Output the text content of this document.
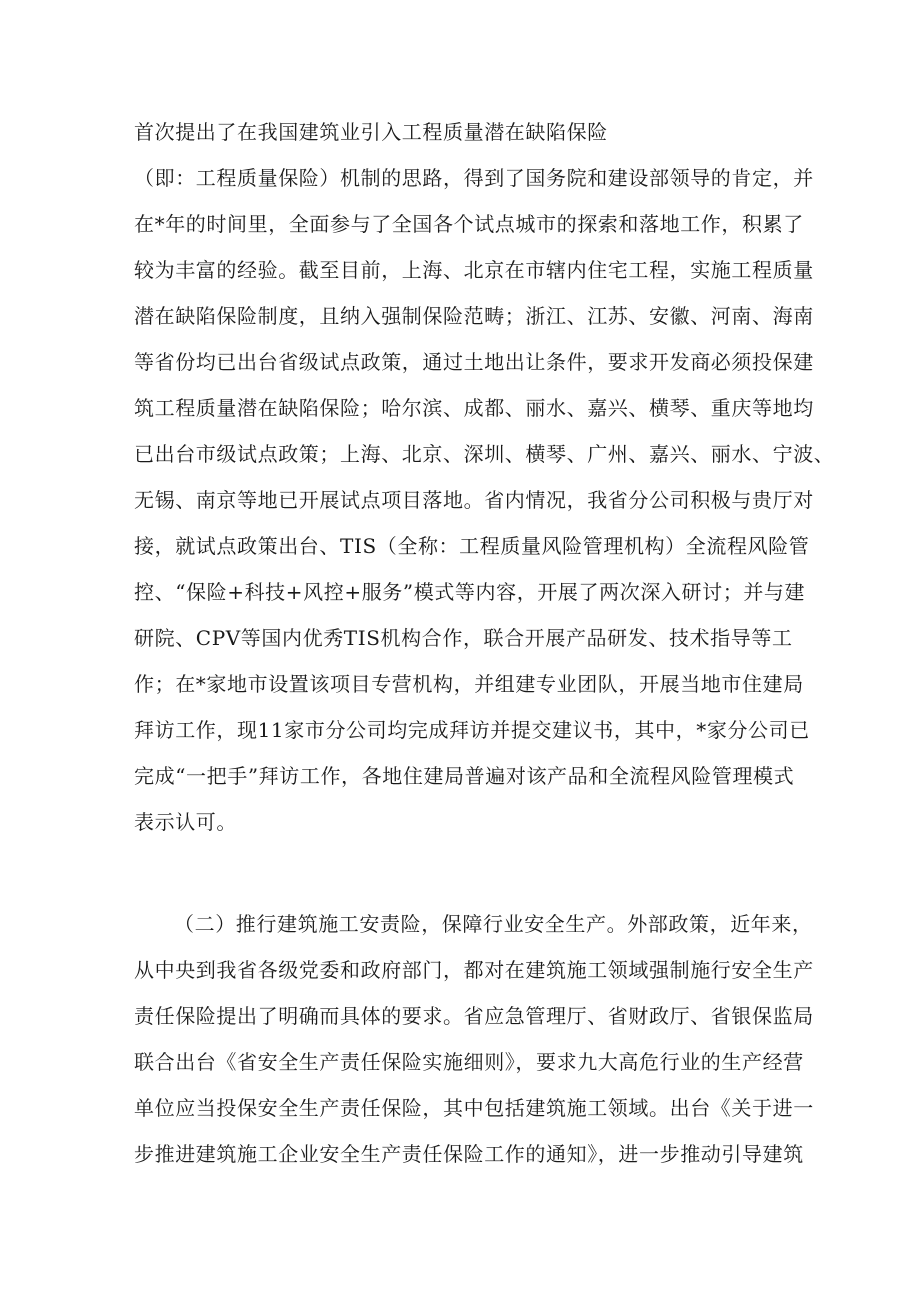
首次提出了在我国建筑业引入工程质量潜在缺陷保险
（即：工程质量保险）机制的思路，得到了国务院和建设部领导的肯定，并
在*年的时间里，全面参与了全国各个试点城市的探索和落地工作，积累了
较为丰富的经验。截至目前，上海、北京在市辖内住宅工程，实施工程质量
潜在缺陷保险制度，且纳入强制保险范畴；浙江、江苏、安徽、河南、海南
等省份均已出台省级试点政策，通过土地出让条件，要求开发商必须投保建
筑工程质量潜在缺陷保险；哈尔滨、成都、丽水、嘉兴、横琴、重庆等地均
已出台市级试点政策；上海、北京、深圳、横琴、广州、嘉兴、丽水、宁波、
无锡、南京等地已开展试点项目落地。省内情况，我省分公司积极与贵厅对
接，就试点政策出台、TIS（全称：工程质量风险管理机构）全流程风险管
控、“保险+科技+风控+服务”模式等内容，开展了两次深入研讨；并与建
研院、CPV等国内优秀TIS机构合作，联合开展产品研发、技术指导等工
作；在*家地市设置该项目专营机构，并组建专业团队，开展当地市住建局
拜访工作，现11家市分公司均完成拜访并提交建议书，其中，*家分公司已
完成“一把手”拜访工作，各地住建局普遍对该产品和全流程风险管理模式
表示认可。
（二）推行建筑施工安责险，保障行业安全生产。外部政策，近年来，
从中央到我省各级党委和政府部门，都对在建筑施工领域强制施行安全生产
责任保险提出了明确而具体的要求。省应急管理厅、省财政厅、省银保监局
联合出台《省安全生产责任保险实施细则》，要求九大高危行业的生产经营
单位应当投保安全生产责任保险，其中包括建筑施工领域。出台《关于进一
步推进建筑施工企业安全生产责任保险工作的通知》，进一步推动引导建筑
